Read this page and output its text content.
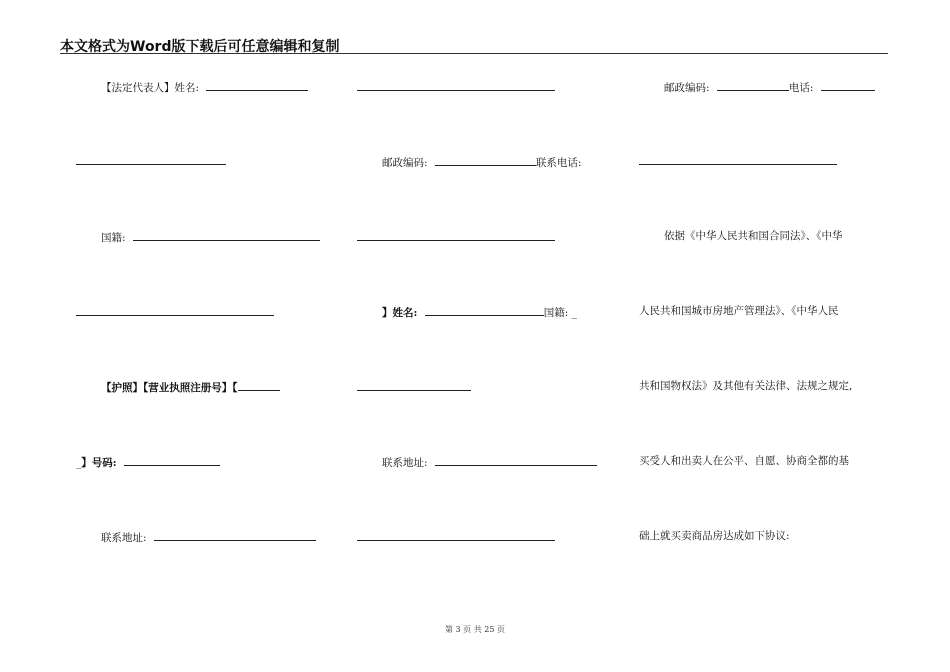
本文格式为Word版下载后可任意编辑和复制
【法定代表人】姓名:
国籍:
【护照】【营业执照注册号】【
_】号码:
联系地址:
邮政编码:	联系电话:
】姓名:	国籍: _
联系地址:
邮政编码:	电话:
依据《中华人民共和国合同法》、《中华
人民共和国城市房地产管理法》、《中华人民
共和国物权法》及其他有关法律、法规之规定,
买受人和出卖人在公平、自愿、协商全都的基
础上就买卖商品房达成如下协议:
第 3 页 共 25 页
